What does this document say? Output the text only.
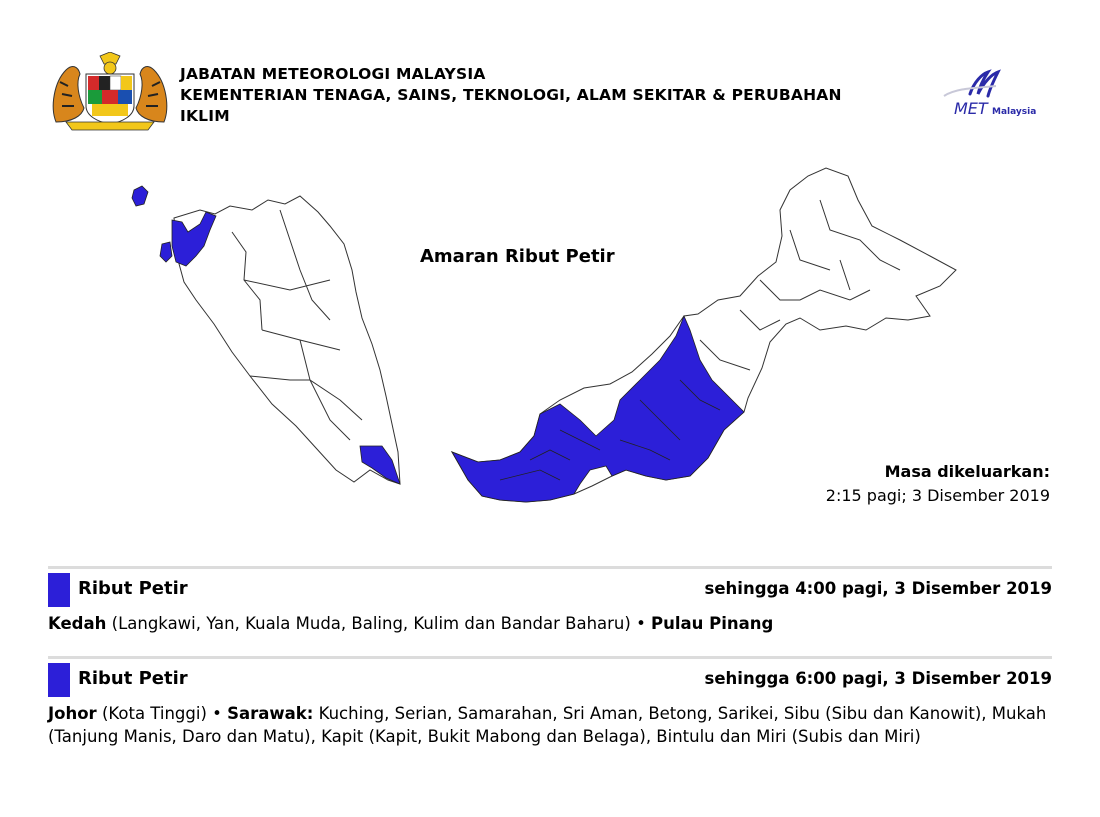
JABATAN METEOROLOGI MALAYSIA
KEMENTERIAN TENAGA, SAINS, TEKNOLOGI, ALAM SEKITAR & PERUBAHAN
IKLIM	MET Malaysia
Amaran Ribut Petir
Masa dikeluarkan:
2:15 pagi; 3 Disember 2019
Ribut Petir	sehingga 4:00 pagi, 3 Disember 2019
Kedah (Langkawi, Yan, Kuala Muda, Baling, Kulim dan Bandar Baharu) • Pulau Pinang
Ribut Petir	sehingga 6:00 pagi, 3 Disember 2019
Johor (Kota Tinggi) • Sarawak: Kuching, Serian, Samarahan, Sri Aman, Betong, Sarikei, Sibu (Sibu dan Kanowit), Mukah (Tanjung Manis, Daro dan Matu), Kapit (Kapit, Bukit Mabong dan Belaga), Bintulu dan Miri (Subis dan Miri)
